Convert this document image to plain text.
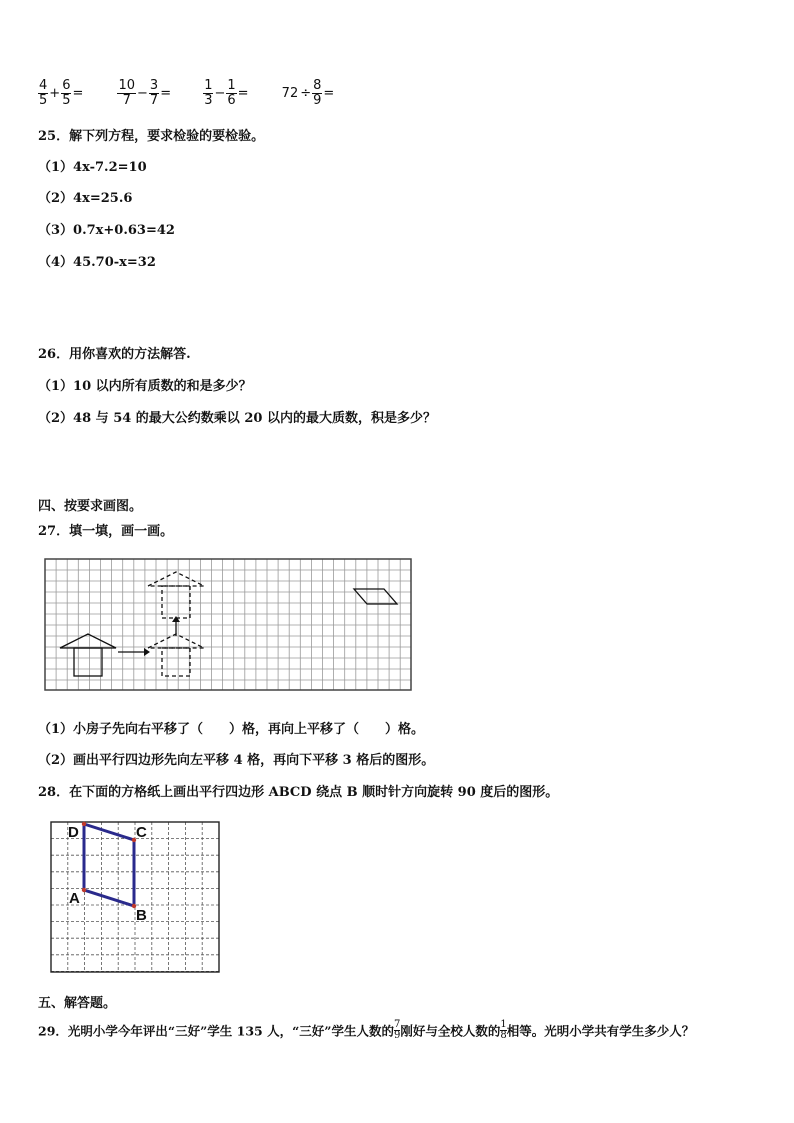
$\frac{4}{5} + \frac{6}{5}$ =	$\frac{10}{7} - \frac{3}{7} = \frac{1}{3} - \frac{1}{6}$ =	$72 \div \frac{8}{9}$ =
25．解下列方程，要求检验的要检验。
（1）4x-7.2=10
（2）4x=25.6
（3）0.7x+0.63=42
（4）45.70-x=32
26．用你喜欢的方法解答.
（1）10 以内所有质数的和是多少？
（2）48 与 54 的最大公约数乘以 20 以内的最大质数，积是多少？
四、按要求画图。
27．填一填，画一画。
（1）小房子先向右平移了（　　）格，再向上平移了（　　）格。
（2）画出平行四边形先向左平移 4 格，再向下平移 3 格后的图形。
28．在下面的方格纸上画出平行四边形 ABCD 绕点 B 顺时针方向旋转 90 度后的图形。
D	C
A
B
五、解答题。
29．光明小学今年评出“三好”学生 135 人，“三好”学生人数的 $\frac{7}{9}$ 刚好与全校人数的 $\frac{1}{8}$ 相等。光明小学共有学生多少人？
